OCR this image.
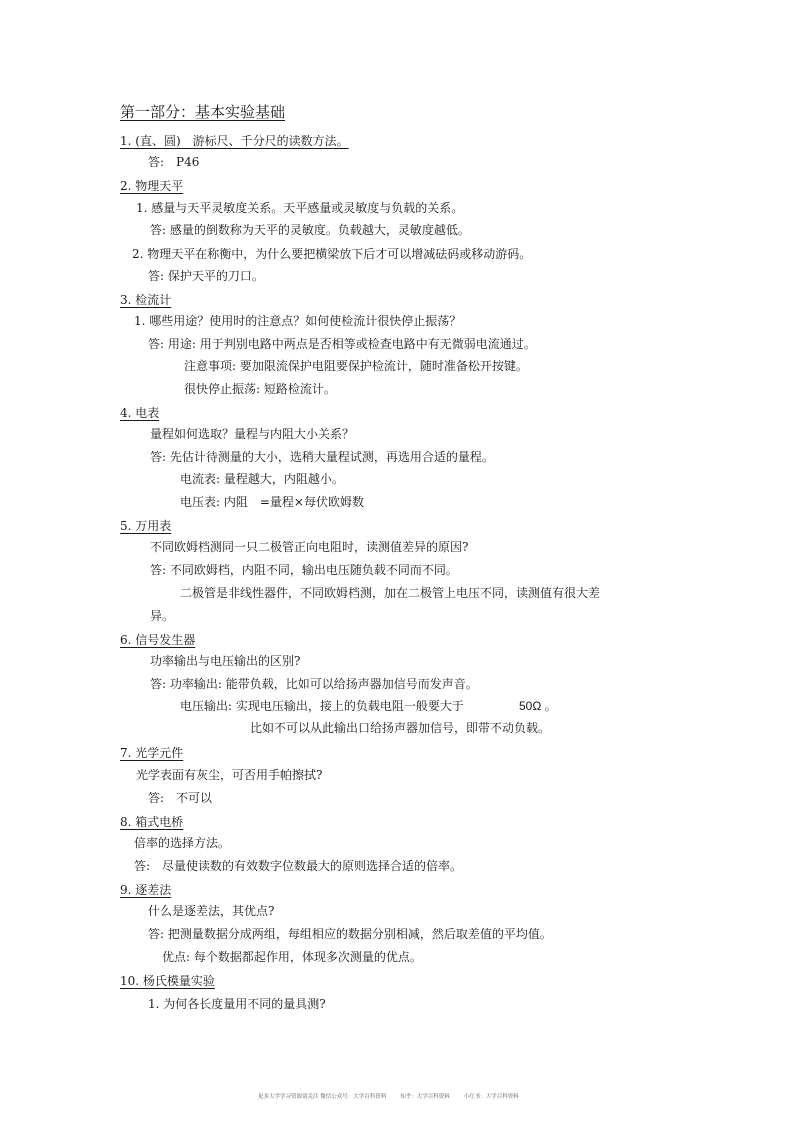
第一部分：基本实验基础
1. (直、圆)　游标尺、千分尺的读数方法。
答:　P46
2. 物理天平
1. 感量与天平灵敏度关系。天平感量或灵敏度与负载的关系。
答: 感量的倒数称为天平的灵敏度。负载越大，灵敏度越低。
2. 物理天平在称衡中，为什么要把横梁放下后才可以增减砝码或移动游码。
答: 保护天平的刀口。
3. 检流计
1. 哪些用途？使用时的注意点？如何使检流计很快停止振荡？
答: 用途: 用于判别电路中两点是否相等或检查电路中有无微弱电流通过。
注意事项: 要加限流保护电阻要保护检流计，随时准备松开按键。
很快停止振荡: 短路检流计。
4. 电表
量程如何选取？量程与内阻大小关系？
答: 先估计待测量的大小，选稍大量程试测，再选用合适的量程。
电流表: 量程越大，内阻越小。
电压表: 内阻　=量程×每伏欧姆数
5. 万用表
不同欧姆档测同一只二极管正向电阻时，读测值差异的原因?
答: 不同欧姆档，内阻不同，输出电压随负载不同而不同。
二极管是非线性器件，不同欧姆档测，加在二极管上电压不同，读测值有很大差
异。
6. 信号发生器
功率输出与电压输出的区别?
答: 功率输出: 能带负载，比如可以给扬声器加信号而发声音。
电压输出: 实现电压输出，接上的负载电阻一般要大于	50Ω 。
比如不可以从此输出口给扬声器加信号，即带不动负载。
7. 光学元件
光学表面有灰尘，可否用手帕擦拭?
答:　不可以
8. 箱式电桥
倍率的选择方法。
答:　尽量使读数的有效数字位数最大的原则选择合适的倍率。
9. 逐差法
什么是逐差法，其优点?
答: 把测量数据分成两组，每组相应的数据分别相减，然后取差值的平均值。
优点: 每个数据都起作用，体现多次测量的优点。
10. 杨氏模量实验
1. 为何各长度量用不同的量具测?
更多大学学习资源请关注 微信公众号：大学百科资料	知乎：大学百科资料	小红书：大学百科资料
